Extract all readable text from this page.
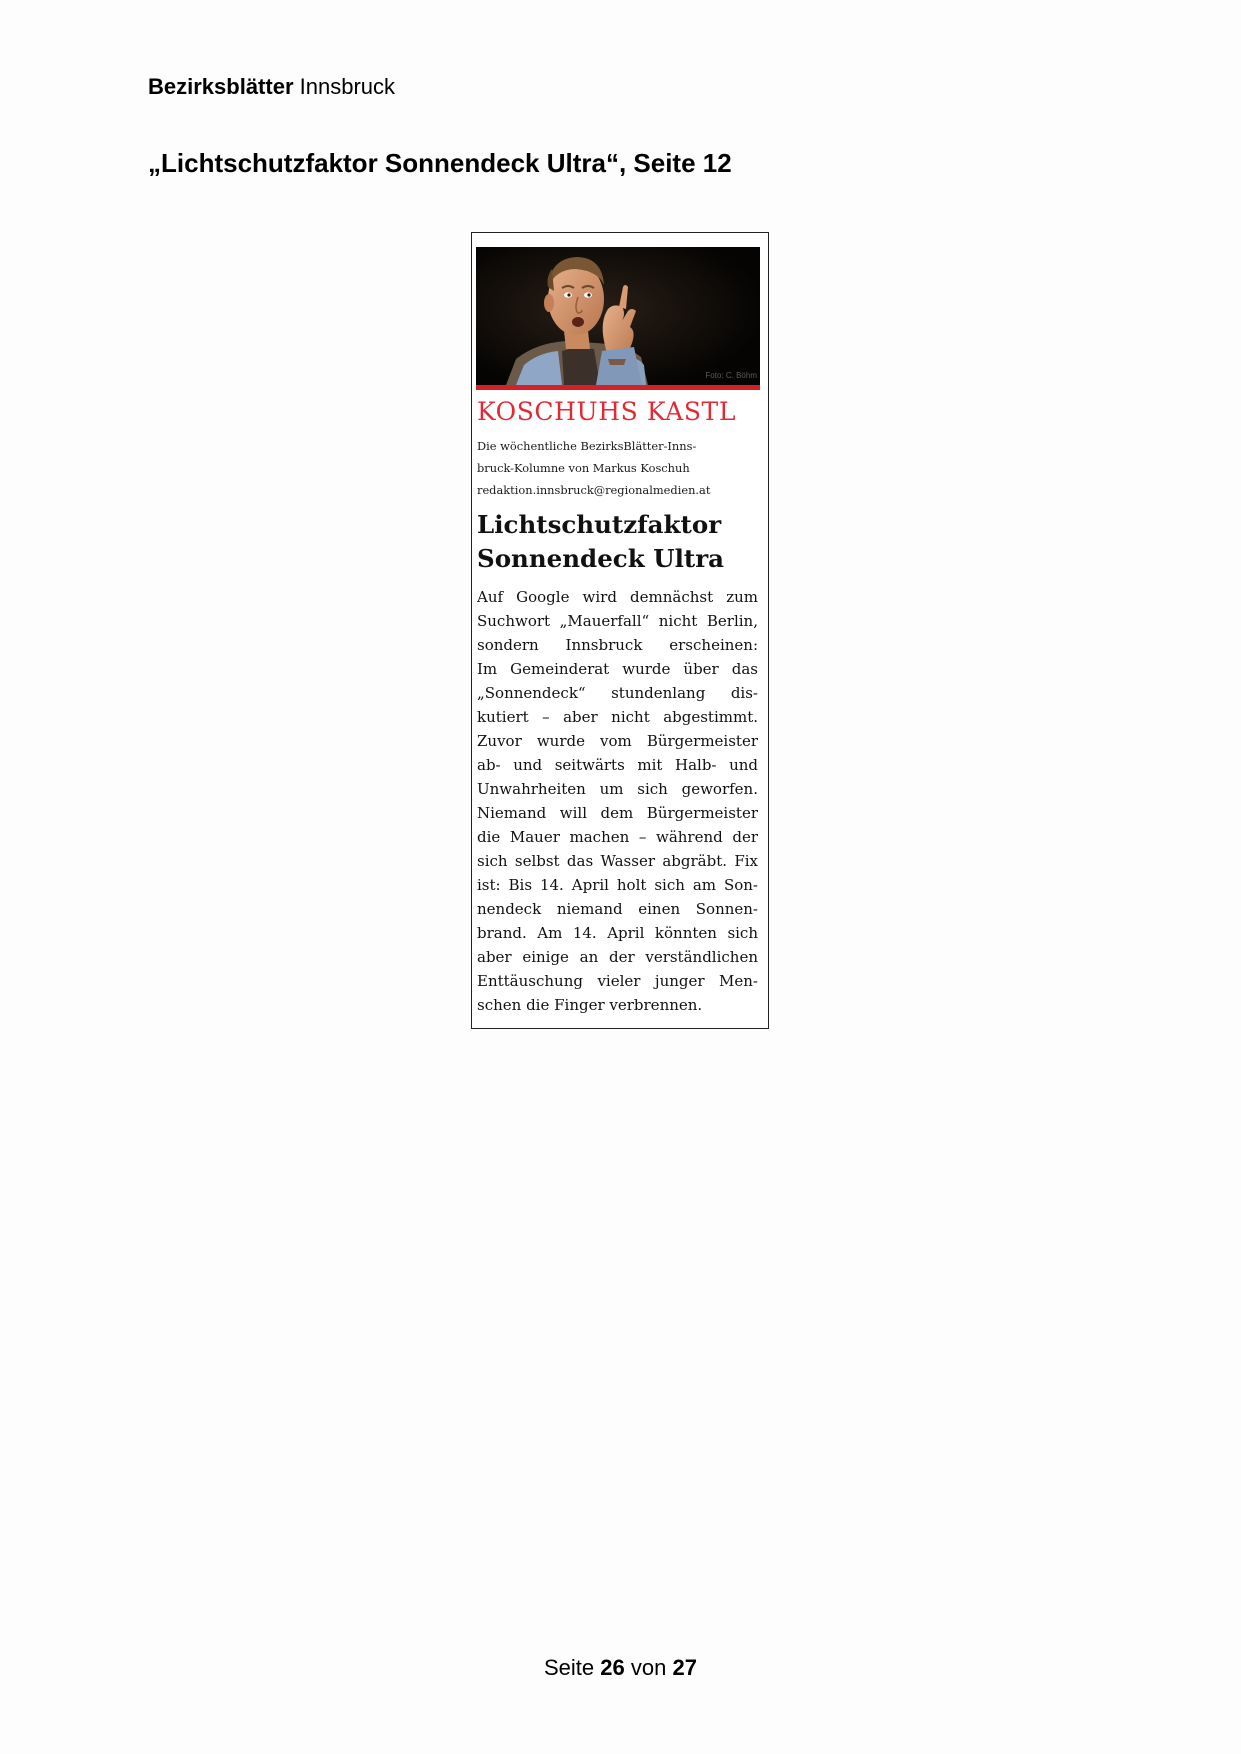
Bezirksblätter Innsbruck
„Lichtschutzfaktor Sonnendeck Ultra“, Seite 12
Foto: C. Böhm
KOSCHUHS KASTL
Die wöchentliche BezirksBlätter-Inns-
bruck-Kolumne von Markus Koschuh
redaktion.innsbruck@regionalmedien.at
Lichtschutzfaktor
Sonnendeck Ultra
Auf Google wird demnächst zum
Suchwort „Mauerfall“ nicht Berlin,
sondern Innsbruck erscheinen:
Im Gemeinderat wurde über das
„Sonnendeck“ stundenlang dis-
kutiert – aber nicht abgestimmt.
Zuvor wurde vom Bürgermeister
ab- und seitwärts mit Halb- und
Unwahrheiten um sich geworfen.
Niemand will dem Bürgermeister
die Mauer machen – während der
sich selbst das Wasser abgräbt. Fix
ist: Bis 14. April holt sich am Son-
nendeck niemand einen Sonnen-
brand. Am 14. April könnten sich
aber einige an der verständlichen
Enttäuschung vieler junger Men-
schen die Finger verbrennen.
Seite 26 von 27
